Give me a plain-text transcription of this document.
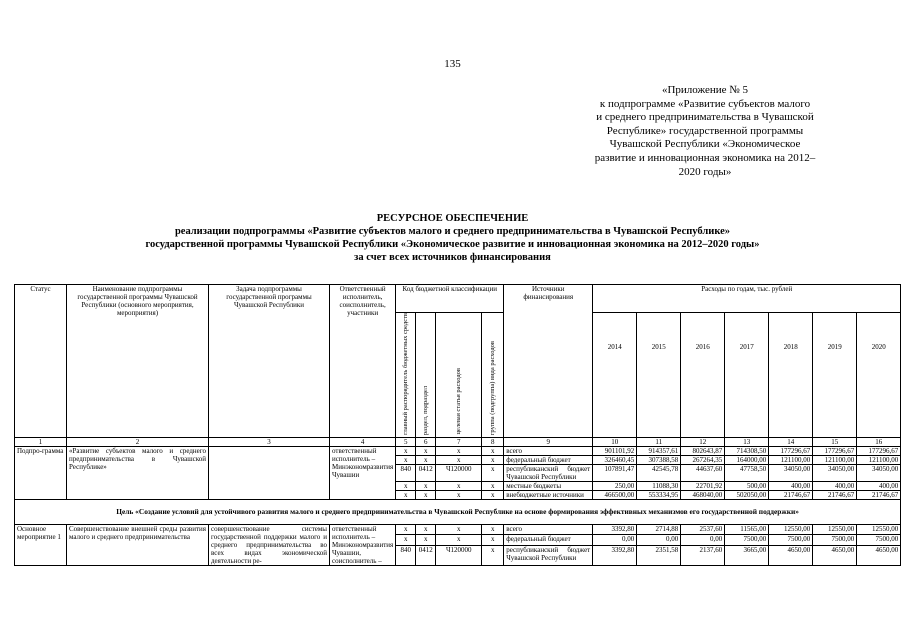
135
«Приложение № 5
к подпрограмме «Развитие субъектов малого
и среднего предпринимательства в Чувашской
Республике» государственной программы
Чувашской Республики «Экономическое
развитие и инновационная экономика на 2012–
2020 годы»
РЕСУРСНОЕ ОБЕСПЕЧЕНИЕ
реализации подпрограммы «Развитие субъектов малого и среднего предпринимательства в Чувашской Республике»
государственной программы Чувашской Республики «Экономическое развитие и инновационная экономика на 2012–2020 годы»
за счет всех источников финансирования
Статус	Наименование подпрограммы государственной программы Чувашской Республики (основного мероприятия, мероприятия)	Задача подпрограммы государственной программы Чувашской Республики	Ответственный исполнитель, соисполнитель, участники	Код бюджетной классификации				Источники финансирования	Расходы по годам, тыс. рублей						
				главный распорядитель бюджетных средств	раздел, подраздел	целевая статья расходов	группа (подгруппа) вида расходов		2014	2015	2016	2017	2018	2019	2020
1	2	3	4	5	6	7	8	9	10	11	12	13	14	15	16
Подпро-грамма	«Развитие субъектов малого и среднего предпринимательства в Чувашской Республике»		ответственный исполнитель – Минэкономразвития Чувашии	х	х	х	х	всего	901101,92	914357,61	802643,87	714308,50	177296,67	177296,67	177296,67
				х	х	х	х	федеральный бюджет	326460,45	307388,58	267264,35	164000,00	121100,00	121100,00	121100,00
				840	0412	Ч120000	х	республиканский бюджет Чувашской Республики	107891,47	42545,78	44637,60	47758,50	34050,00	34050,00	34050,00
				х	х	х	х	местные бюджеты	250,00	11088,30	22701,92	500,00	400,00	400,00	400,00
				х	х	х	х	внебюджетные источники	466500,00	553334,95	468040,00	502050,00	21746,67	21746,67	21746,67
Цель «Создание условий для устойчивого развития малого и среднего предпринимательства в Чувашской Республике на основе формирования эффективных механизмов его государственной поддержки»															
Основное мероприятие 1	Совершенствование внешней среды развития малого и среднего предпринимательства	совершенствование системы государственной поддержки малого и среднего предпринимательства во всех видах экономической деятельности ре-	ответственный исполнитель – Минэкономразвития Чувашии, соисполнитель –	х	х	х	х	всего	3392,80	2714,88	2537,60	11565,00	12550,00	12550,00	12550,00
				х	х	х	х	федеральный бюджет	0,00	0,00	0,00	7500,00	7500,00	7500,00	7500,00
				840	0412	Ч120000	х	республиканский бюджет Чувашской Республики	3392,80	2351,58	2137,60	3665,00	4650,00	4650,00	4650,00
